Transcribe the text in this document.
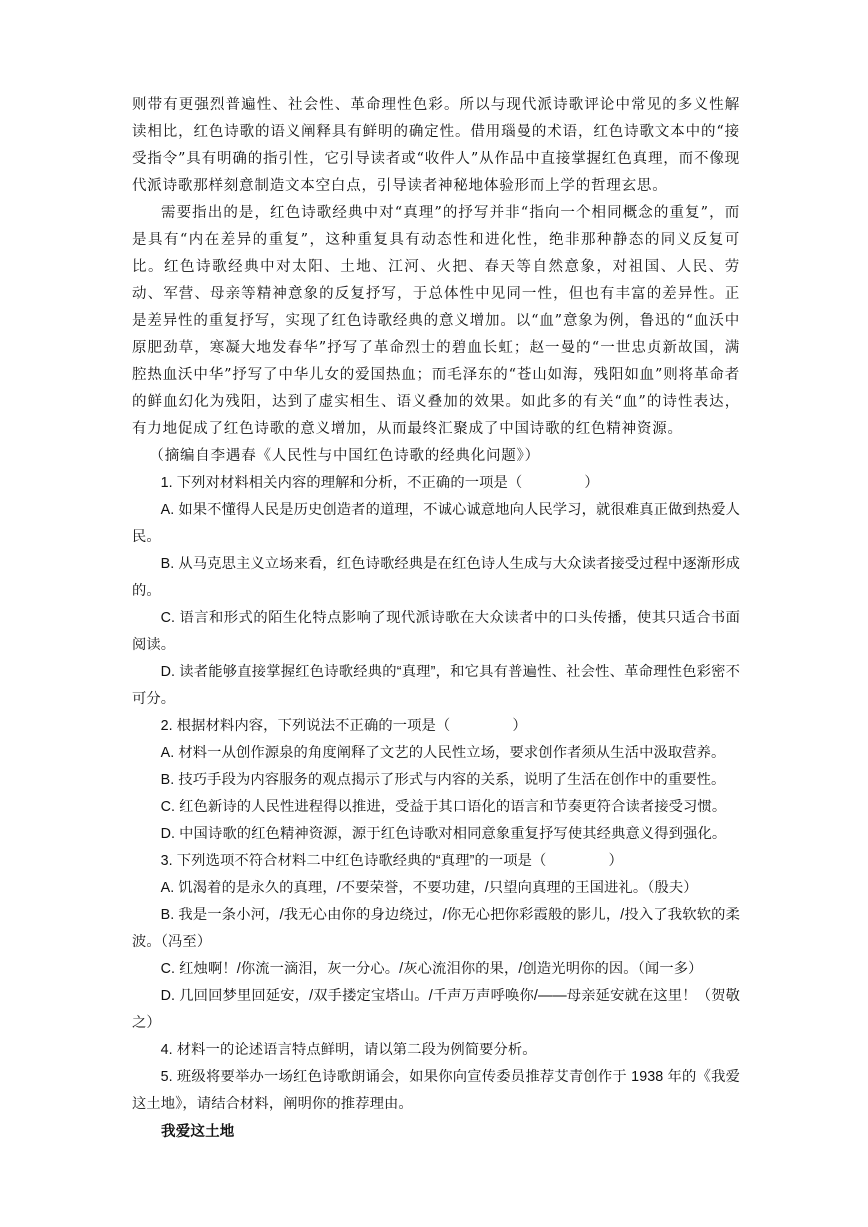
则带有更强烈普遍性、社会性、革命理性色彩。所以与现代派诗歌评论中常见的多义性解读相比，红色诗歌的语义阐释具有鲜明的确定性。借用瑙曼的术语，红色诗歌文本中的“接受指令”具有明确的指引性，它引导读者或“收件人”从作品中直接掌握红色真理，而不像现代派诗歌那样刻意制造文本空白点，引导读者神秘地体验形而上学的哲理玄思。

需要指出的是，红色诗歌经典中对“真理”的抒写并非“指向一个相同概念的重复”，而是具有“内在差异的重复”，这种重复具有动态性和进化性，绝非那种静态的同义反复可比。红色诗歌经典中对太阳、土地、江河、火把、春天等自然意象，对祖国、人民、劳动、军营、母亲等精神意象的反复抒写，于总体性中见同一性，但也有丰富的差异性。正是差异性的重复抒写，实现了红色诗歌经典的意义增加。以“血”意象为例，鲁迅的“血沃中原肥劲草，寒凝大地发春华”抒写了革命烈士的碧血长虹；赵一曼的“一世忠贞新故国，满腔热血沃中华”抒写了中华儿女的爱国热血；而毛泽东的“苍山如海，残阳如血”则将革命者的鲜血幻化为残阳，达到了虚实相生、语义叠加的效果。如此多的有关“血”的诗性表达，有力地促成了红色诗歌的意义增加，从而最终汇聚成了中国诗歌的红色精神资源。

（摘编自李遇春《人民性与中国红色诗歌的经典化问题》）

1. 下列对材料相关内容的理解和分析，不正确的一项是（	）

A. 如果不懂得人民是历史创造者的道理，不诚心诚意地向人民学习，就很难真正做到热爱人民。

B. 从马克思主义立场来看，红色诗歌经典是在红色诗人生成与大众读者接受过程中逐渐形成的。

C. 语言和形式的陌生化特点影响了现代派诗歌在大众读者中的口头传播，使其只适合书面阅读。

D. 读者能够直接掌握红色诗歌经典的“真理”，和它具有普遍性、社会性、革命理性色彩密不可分。

2. 根据材料内容，下列说法不正确的一项是（	）

A. 材料一从创作源泉的角度阐释了文艺的人民性立场，要求创作者须从生活中汲取营养。

B. 技巧手段为内容服务的观点揭示了形式与内容的关系，说明了生活在创作中的重要性。

C. 红色新诗的人民性进程得以推进，受益于其口语化的语言和节奏更符合读者接受习惯。

D. 中国诗歌的红色精神资源，源于红色诗歌对相同意象重复抒写使其经典意义得到强化。

3. 下列选项不符合材料二中红色诗歌经典的“真理”的一项是（	）

A. 饥渴着的是永久的真理，/不要荣誉，不要功建，/只望向真理的王国进礼。（殷夫）

B. 我是一条小河，/我无心由你的身边绕过，/你无心把你彩霞般的影儿，/投入了我软软的柔波。（冯至）

C. 红烛啊！/你流一滴泪，灰一分心。/灰心流泪你的果，/创造光明你的因。（闻一多）

D. 几回回梦里回延安，/双手搂定宝塔山。/千声万声呼唤你/——母亲延安就在这里！（贺敬之）

4. 材料一的论述语言特点鲜明，请以第二段为例简要分析。

5. 班级将要举办一场红色诗歌朗诵会，如果你向宣传委员推荐艾青创作于 1938 年的《我爱这土地》，请结合材料，阐明你的推荐理由。

我爱这土地
